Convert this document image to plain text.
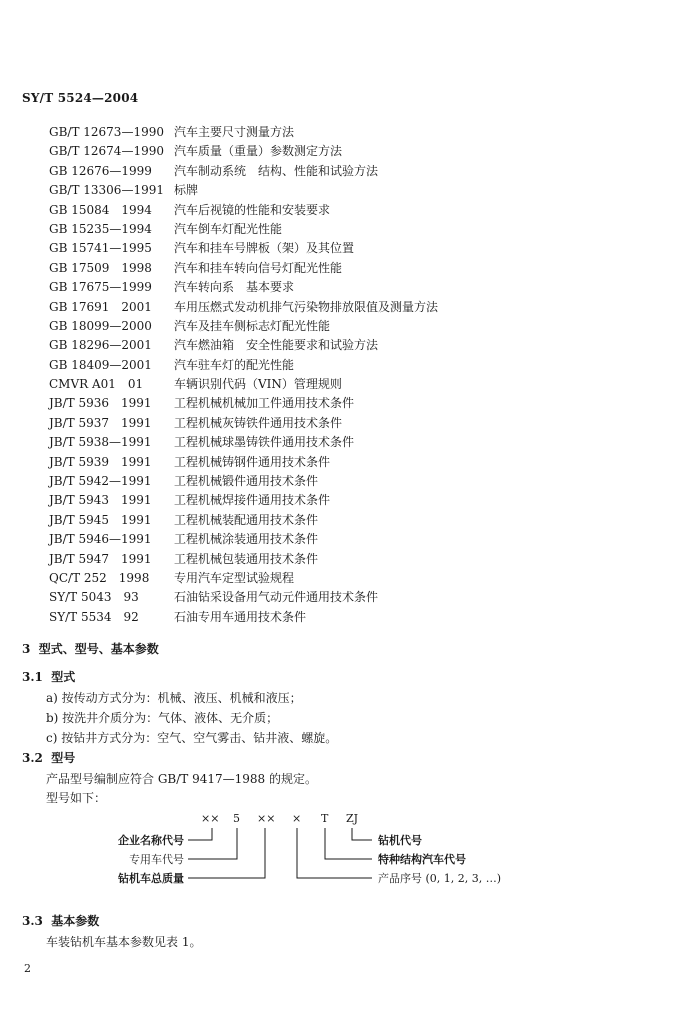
SY/T 5524—2004
GB/T 12673—1990 汽车主要尺寸测量方法
GB/T 12674—1990 汽车质量（重量）参数测定方法
GB 12676—1999 汽车制动系统　结构、性能和试验方法
GB/T 13306—1991 标牌
GB 15084　1994 汽车后视镜的性能和安装要求
GB 15235—1994 汽车倒车灯配光性能
GB 15741—1995 汽车和挂车号牌板（架）及其位置
GB 17509　1998 汽车和挂车转向信号灯配光性能
GB 17675—1999 汽车转向系　基本要求
GB 17691　2001 车用压燃式发动机排气污染物排放限值及测量方法
GB 18099—2000 汽车及挂车侧标志灯配光性能
GB 18296—2001 汽车燃油箱　安全性能要求和试验方法
GB 18409—2001 汽车驻车灯的配光性能
CMVR A01　01	车辆识别代码（VIN）管理规则
JB/T 5936　1991 工程机械机械加工件通用技术条件
JB/T 5937　1991 工程机械灰铸铁件通用技术条件
JB/T 5938—1991 工程机械球墨铸铁件通用技术条件
JB/T 5939　1991 工程机械铸钢件通用技术条件
JB/T 5942—1991 工程机械锻件通用技术条件
JB/T 5943　1991 工程机械焊接件通用技术条件
JB/T 5945　1991 工程机械装配通用技术条件
JB/T 5946—1991 工程机械涂装通用技术条件
JB/T 5947　1991 工程机械包装通用技术条件
QC/T 252　1998 专用汽车定型试验规程
SY/T 5043　93	石油钻采设备用气动元件通用技术条件
SY/T 5534　92	石油专用车通用技术条件
3 型式、型号、基本参数
3.1 型式
a) 按传动方式分为：机械、液压、机械和液压；
b) 按洗井介质分为：气体、液体、无介质；
c) 按钻井方式分为：空气、空气雾击、钻井液、螺旋。
3.2 型号
产品型号编制应符合 GB/T 9417—1988 的规定。
型号如下：
×× 5 ×× × T ZJ
企业名称代号
专用车代号
钻机车总质量
钻机代号
特种结构汽车代号
产品序号 (0, 1, 2, 3, …)
3.3 基本参数
车装钻机车基本参数见表 1。
2
